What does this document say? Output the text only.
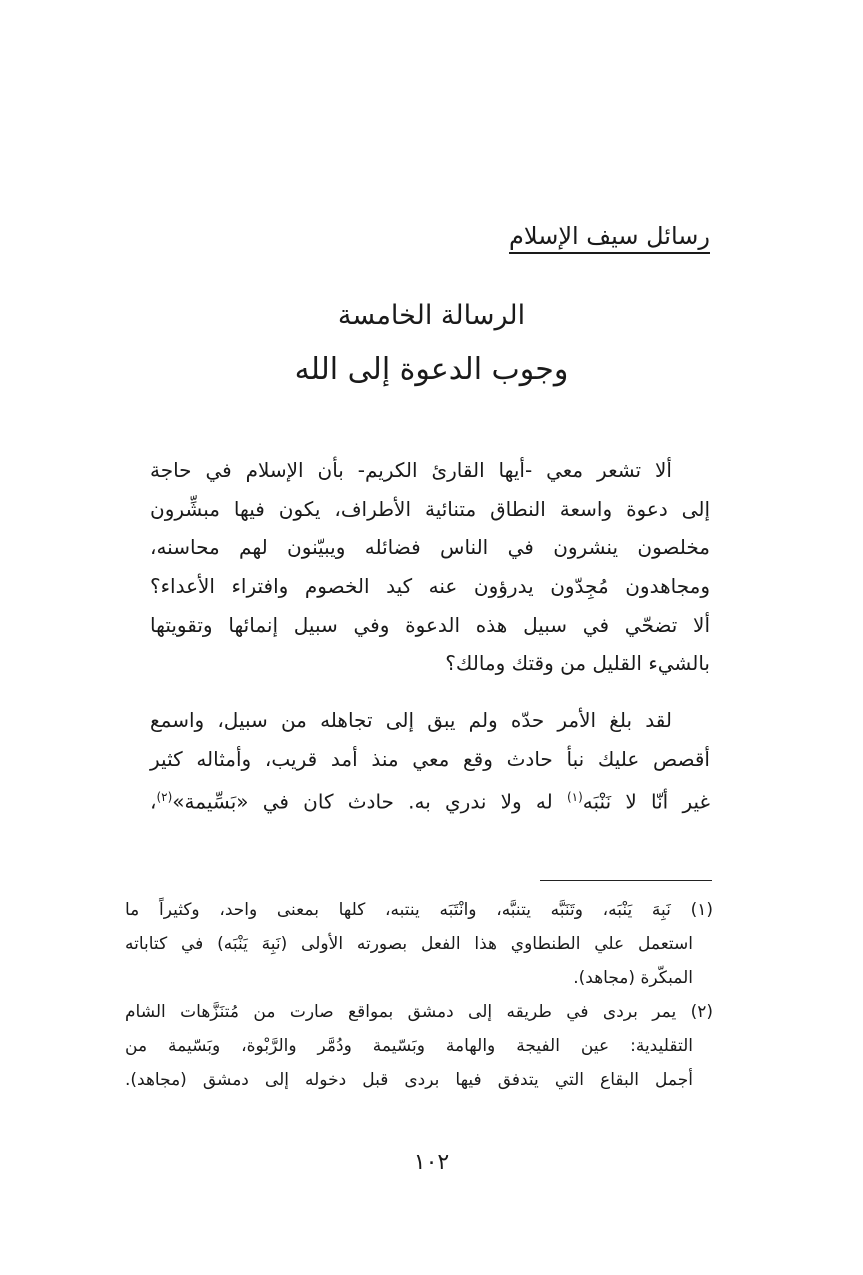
رسائل سيف الإسلام
الرسالة الخامسة
وجوب الدعوة إلى الله
ألا تشعر معي -أيها القارئ الكريم- بأن الإسلام في حاجة
إلى دعوة واسعة النطاق متنائية الأطراف، يكون فيها مبشِّرون
مخلصون ينشرون في الناس فضائله ويبيّنون لهم محاسنه،
ومجاهدون مُجِدّون يدرؤون عنه كيد الخصوم وافتراء الأعداء؟
ألا تضحّي في سبيل هذه الدعوة وفي سبيل إنمائها وتقويتها
بالشيء القليل من وقتك ومالك؟
لقد بلغ الأمر حدّه ولم يبق إلى تجاهله من سبيل، واسمع
أقصص عليك نبأ حادث وقع معي منذ أمد قريب، وأمثاله كثير
غير أنّا لا نَنْبَه$^{(١)}$ له ولا ندري به. حادث كان في «بَسِّيمة»$^{(٢)}$،
(١) نَبِهَ يَنْبَه، وتَنَبَّه يتنبَّه، وانْتَبَه ينتبه، كلها بمعنى واحد، وكثيراً ما
استعمل علي الطنطاوي هذا الفعل بصورته الأولى (نَبِهَ يَنْبَه) في كتاباته
المبكّرة (مجاهد).
(٢) يمر بردى في طريقه إلى دمشق بمواقع صارت من مُتنَزَّهات الشام
التقليدية: عين الفيجة والهامة وبَسّيمة ودُمَّر والرَّبْوة، وبَسّيمة من
أجمل البقاع التي يتدفق فيها بردى قبل دخوله إلى دمشق (مجاهد).
١٠٢
